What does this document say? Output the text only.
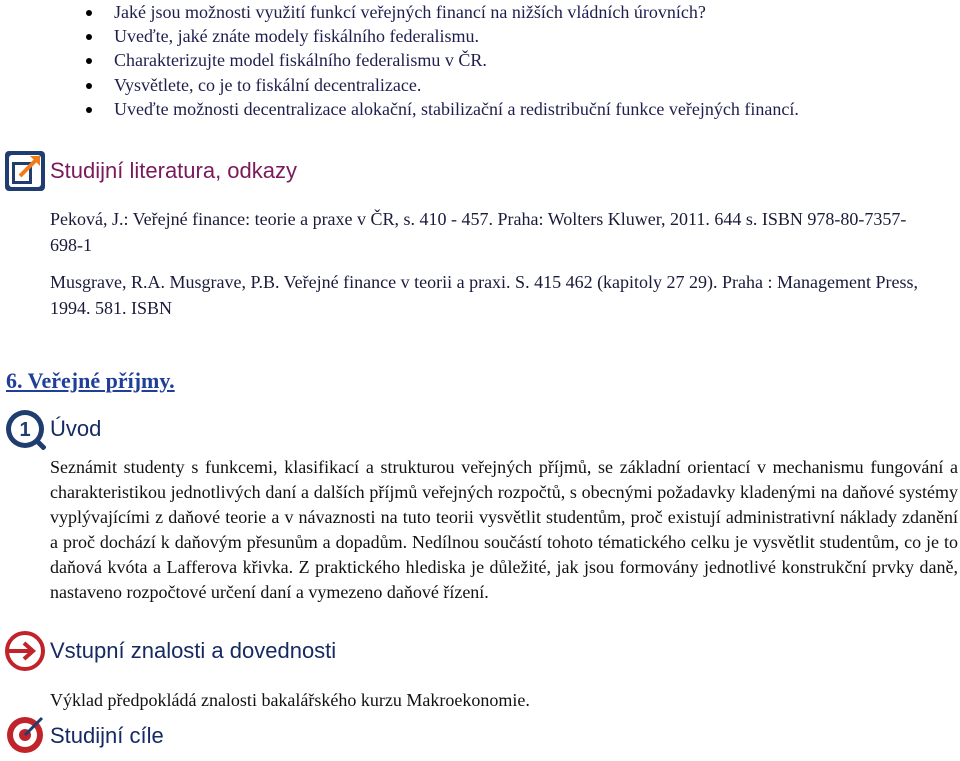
Jaké jsou možnosti využití funkcí veřejných financí na nižších vládních úrovních?
Uveďte, jaké znáte modely fiskálního federalismu.
Charakterizujte model fiskálního federalismu v ČR.
Vysvětlete, co je to fiskální decentralizace.
Uveďte možnosti decentralizace alokační, stabilizační a redistribuční funkce veřejných financí.
Studijní literatura, odkazy
Peková, J.: Veřejné finance: teorie a praxe v ČR, s. 410 - 457. Praha: Wolters Kluwer, 2011. 644 s. ISBN 978-80-7357-698-1
Musgrave, R.A. Musgrave, P.B. Veřejné finance v teorii a praxi. S. 415 462 (kapitoly 27 29). Praha : Management Press, 1994. 581. ISBN
6. Veřejné příjmy.
1 Úvod
Seznámit studenty s funkcemi, klasifikací a strukturou veřejných příjmů, se základní orientací v mechanismu fungování a charakteristikou jednotlivých daní a dalších příjmů veřejných rozpočtů, s obecnými požadavky kladenými na daňové systémy vyplývajícími z daňové teorie a v návaznosti na tuto teorii vysvětlit studentům, proč existují administrativní náklady zdanění a proč dochází k daňovým přesunům a dopadům. Nedílnou součástí tohoto tématického celku je vysvětlit studentům, co je to daňová kvóta a Lafferova křivka. Z praktického hlediska je důležité, jak jsou formovány jednotlivé konstrukční prvky daně, nastaveno rozpočtové určení daní a vymezeno daňové řízení.
Vstupní znalosti a dovednosti
Výklad předpokládá znalosti bakalářského kurzu Makroekonomie.
Studijní cíle
